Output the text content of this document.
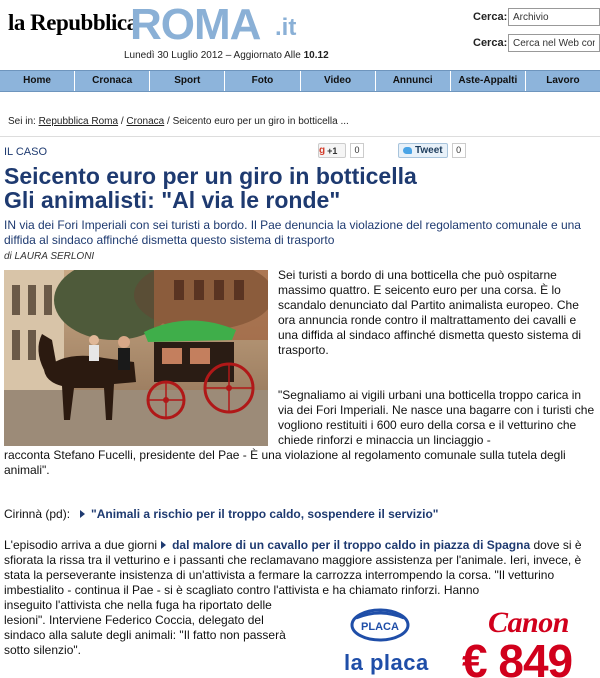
la Repubblica
ROMA .it
Lunedì 30 Luglio 2012 – Aggiornato Alle 10.12
Cerca:
Archivio
Cerca:
Cerca nel Web con
Home	Cronaca	Sport	Foto	Video	Annunci	Aste-Appalti	Lavoro
Sei in: Repubblica Roma / Cronaca / Seicento euro per un giro in botticella ...
IL CASO	g +1	0	Tweet	0
Seicento euro per un giro in botticella
Gli animalisti: "Al via le ronde"
IN via dei Fori Imperiali con sei turisti a bordo. Il Pae denuncia la violazione del regolamento comunale e una diffida al sindaco affinché dismetta questo sistema di trasporto
di LAURA SERLONI
Sei turisti a bordo di una botticella che può ospitarne massimo quattro. E seicento euro per una corsa. È lo scandalo denunciato dal Partito animalista europeo. Che ora annuncia ronde contro il maltrattamento dei cavalli e una diffida al sindaco affinché dismetta questo sistema di trasporto.
"Segnaliamo ai vigili urbani una botticella troppo carica in via dei Fori Imperiali. Ne nasce una bagarre con i turisti che vogliono restituiti i 600 euro della corsa e il vetturino che chiede rinforzi e minaccia un linciaggio -
racconta Stefano Fucelli, presidente del Pae - È una violazione al regolamento comunale sulla tutela degli animali".
Cirinnà (pd): "Animali a rischio per il troppo caldo, sospendere il servizio"
L'episodio arriva a due giorni dal malore di un cavallo per il troppo caldo in piazza di Spagna dove si è sfiorata la rissa tra il vetturino e i passanti che reclamavano maggiore assistenza per l'animale. Ieri, invece, è stata la perseverante insistenza di un'attivista a fermare la carrozza interrompendo la corsa. "Il vetturino imbestialito - continua il Pae - si è scagliato contro l'attivista e ha chiamato rinforzi. Hanno
inseguito l'attivista che nella fuga ha riportato delle lesioni". Interviene Federico Coccia, delegato del sindaco alla salute degli animali: "Il fatto non passerà sotto silenzio".
PLACA
la placa
Canon
€ 849
